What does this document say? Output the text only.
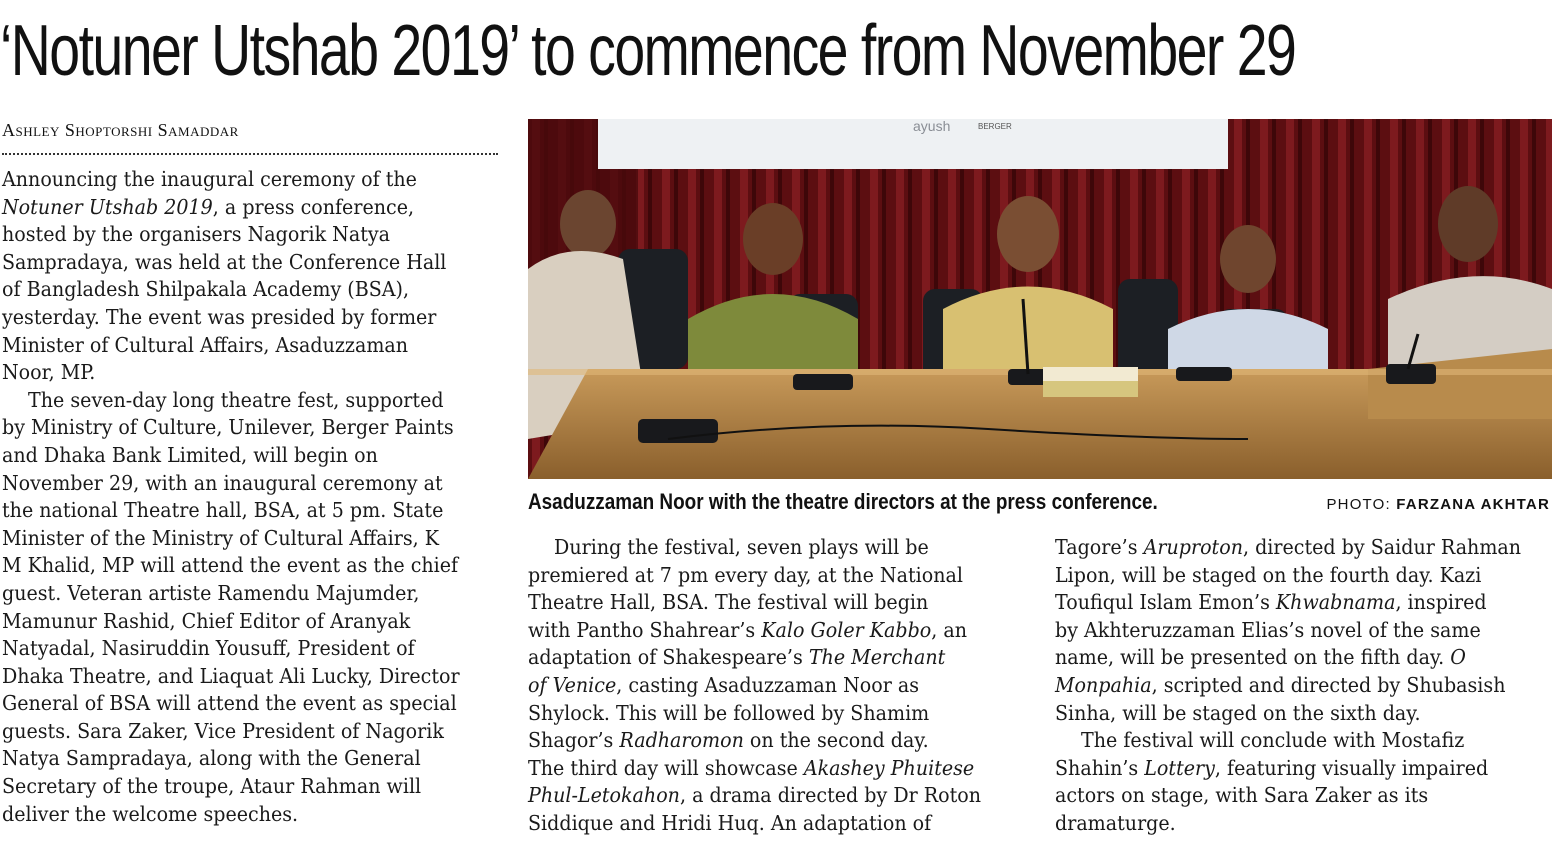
‘Notuner Utshab 2019’ to commence from November 29
Ashley Shoptorshi Samaddar

Announcing the inaugural ceremony of the
Notuner Utshab 2019, a press conference,
hosted by the organisers Nagorik Natya
Sampradaya, was held at the Conference Hall
of Bangladesh Shilpakala Academy (BSA),
yesterday. The event was presided by former
Minister of Cultural Affairs, Asaduzzaman
Noor, MP.

The seven-day long theatre fest, supported
by Ministry of Culture, Unilever, Berger Paints
and Dhaka Bank Limited, will begin on
November 29, with an inaugural ceremony at
the national Theatre hall, BSA, at 5 pm. State
Minister of the Ministry of Cultural Affairs, K
M Khalid, MP will attend the event as the chief
guest. Veteran artiste Ramendu Majumder,
Mamunur Rashid, Chief Editor of Aranyak
Natyadal, Nasiruddin Yousuff, President of
Dhaka Theatre, and Liaquat Ali Lucky, Director
General of BSA will attend the event as special
guests. Sara Zaker, Vice President of Nagorik
Natya Sampradaya, along with the General
Secretary of the troupe, Ataur Rahman will
deliver the welcome speeches.

ayush	BERGER
Asaduzzaman Noor with the theatre directors at the press conference.	PHOTO: FARZANA AKHTAR

During the festival, seven plays will be
premiered at 7 pm every day, at the National
Theatre Hall, BSA. The festival will begin
with Pantho Shahrear’s Kalo Goler Kabbo, an
adaptation of Shakespeare’s The Merchant
of Venice, casting Asaduzzaman Noor as
Shylock. This will be followed by Shamim
Shagor’s Radharomon on the second day.
The third day will showcase Akashey Phuitese
Phul-Letokahon, a drama directed by Dr Roton
Siddique and Hridi Huq. An adaptation of

Tagore’s Aruproton, directed by Saidur Rahman
Lipon, will be staged on the fourth day. Kazi
Toufiqul Islam Emon’s Khwabnama, inspired
by Akhteruzzaman Elias’s novel of the same
name, will be presented on the fifth day. O
Monpahia, scripted and directed by Shubasish
Sinha, will be staged on the sixth day.

The festival will conclude with Mostafiz
Shahin’s Lottery, featuring visually impaired
actors on stage, with Sara Zaker as its
dramaturge.
